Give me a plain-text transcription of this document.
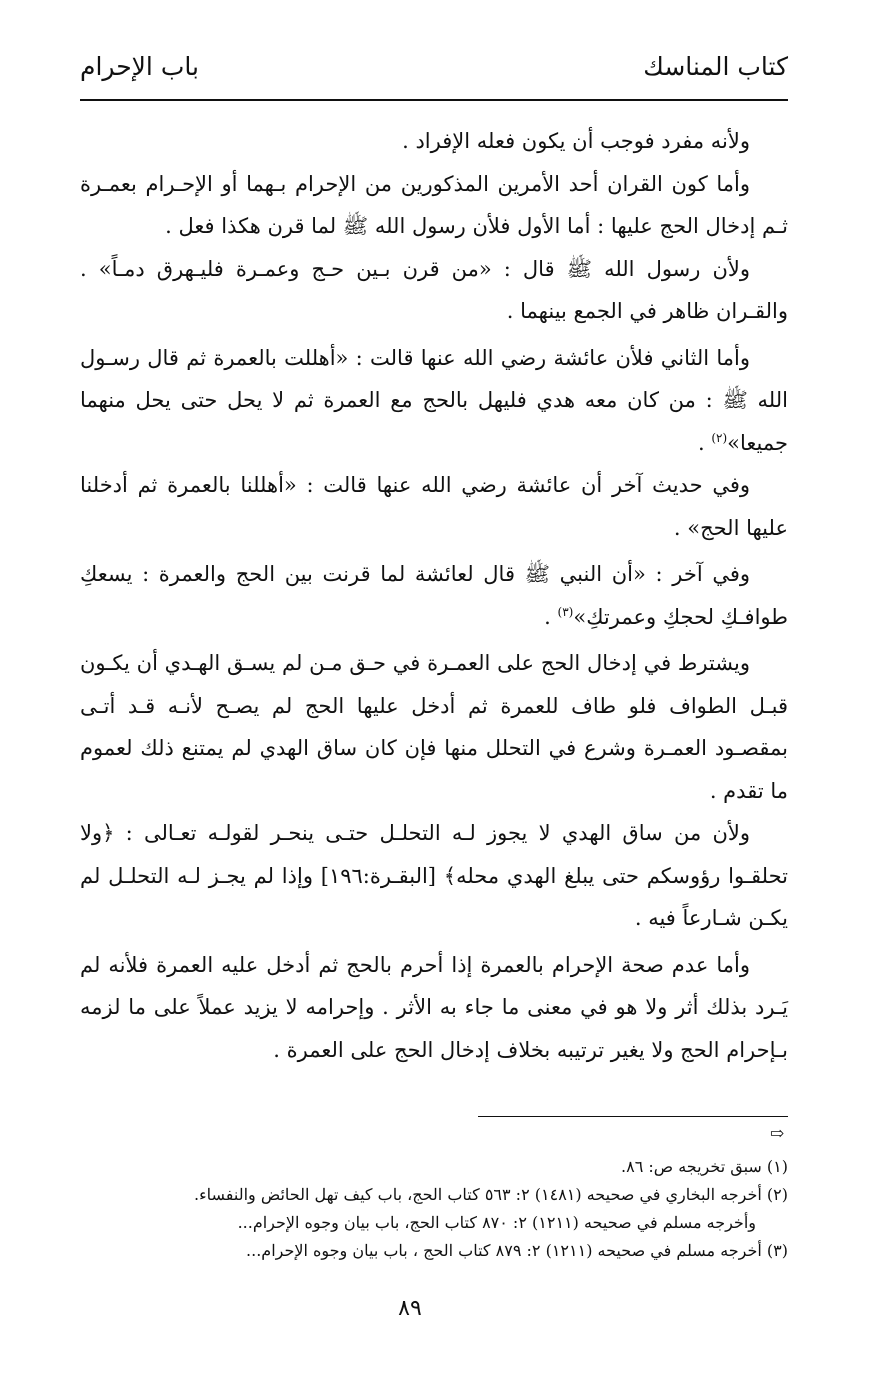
كتاب المناسك
باب الإحرام

ولأنه مفرد فوجب أن يكون فعله الإفراد .

وأما كون القران أحد الأمرين المذكورين من الإحرام بـهما أو الإحـرام بعمـرة ثـم إدخال الحج عليها : أما الأول فلأن رسول الله ﷺ لما قرن هكذا فعل .

ولأن رسول الله ﷺ قال : «من قرن بـين حـج وعمـرة فليـهرق دمـاً» . والقـران ظاهر في الجمع بينهما .

وأما الثاني فلأن عائشة رضي الله عنها قالت : «أهللت بالعمرة ثم قال رسـول الله ﷺ : من كان معه هدي فليهل بالحج مع العمرة ثم لا يحل حتى يحل منهما جميعا»$^{(٢)}$ .

وفي حديث آخر أن عائشة رضي الله عنها قالت : «أهللنا بالعمرة ثم أدخلنا عليها الحج» .

وفي آخر : «أن النبي ﷺ قال لعائشة لما قرنت بين الحج والعمرة : يسعكِ طوافـكِ لحجكِ وعمرتكِ»$^{(٣)}$ .

ويشترط في إدخال الحج على العمـرة في حـق مـن لم يسـق الهـدي أن يكـون قبـل الطواف فلو طاف للعمرة ثم أدخل عليها الحج لم يصـح لأنـه قـد أتـى بمقصـود العمـرة وشرع في التحلل منها فإن كان ساق الهدي لم يمتنع ذلك لعموم ما تقدم .

ولأن من ساق الهدي لا يجوز لـه التحلـل حتـى ينحـر لقولـه تعـالى : ﴿ولا تحلقـوا رؤوسكم حتى يبلغ الهدي محله﴾ [البقـرة:١٩٦] وإذا لم يجـز لـه التحلـل لم يكـن شـارعاً فيه .

وأما عدم صحة الإحرام بالعمرة إذا أحرم بالحج ثم أدخل عليه العمرة فلأنه لم يَـرد بذلك أثر ولا هو في معنى ما جاء به الأثر . وإحرامه لا يزيد عملاً على ما لزمه بـإحرام الحج ولا يغير ترتيبه بخلاف إدخال الحج على العمرة .

⇨

(١) سبق تخريجه ص: ٨٦.

(٢) أخرجه البخاري في صحيحه (١٤٨١) ٢: ٥٦٣ كتاب الحج، باب كيف تهل الحائض والنفساء.

وأخرجه مسلم في صحيحه (١٢١١) ٢: ٨٧٠ كتاب الحج، باب بيان وجوه الإحرام...

(٣) أخرجه مسلم في صحيحه (١٢١١) ٢: ٨٧٩ كتاب الحج ، باب بيان وجوه الإحرام...

٨٩
